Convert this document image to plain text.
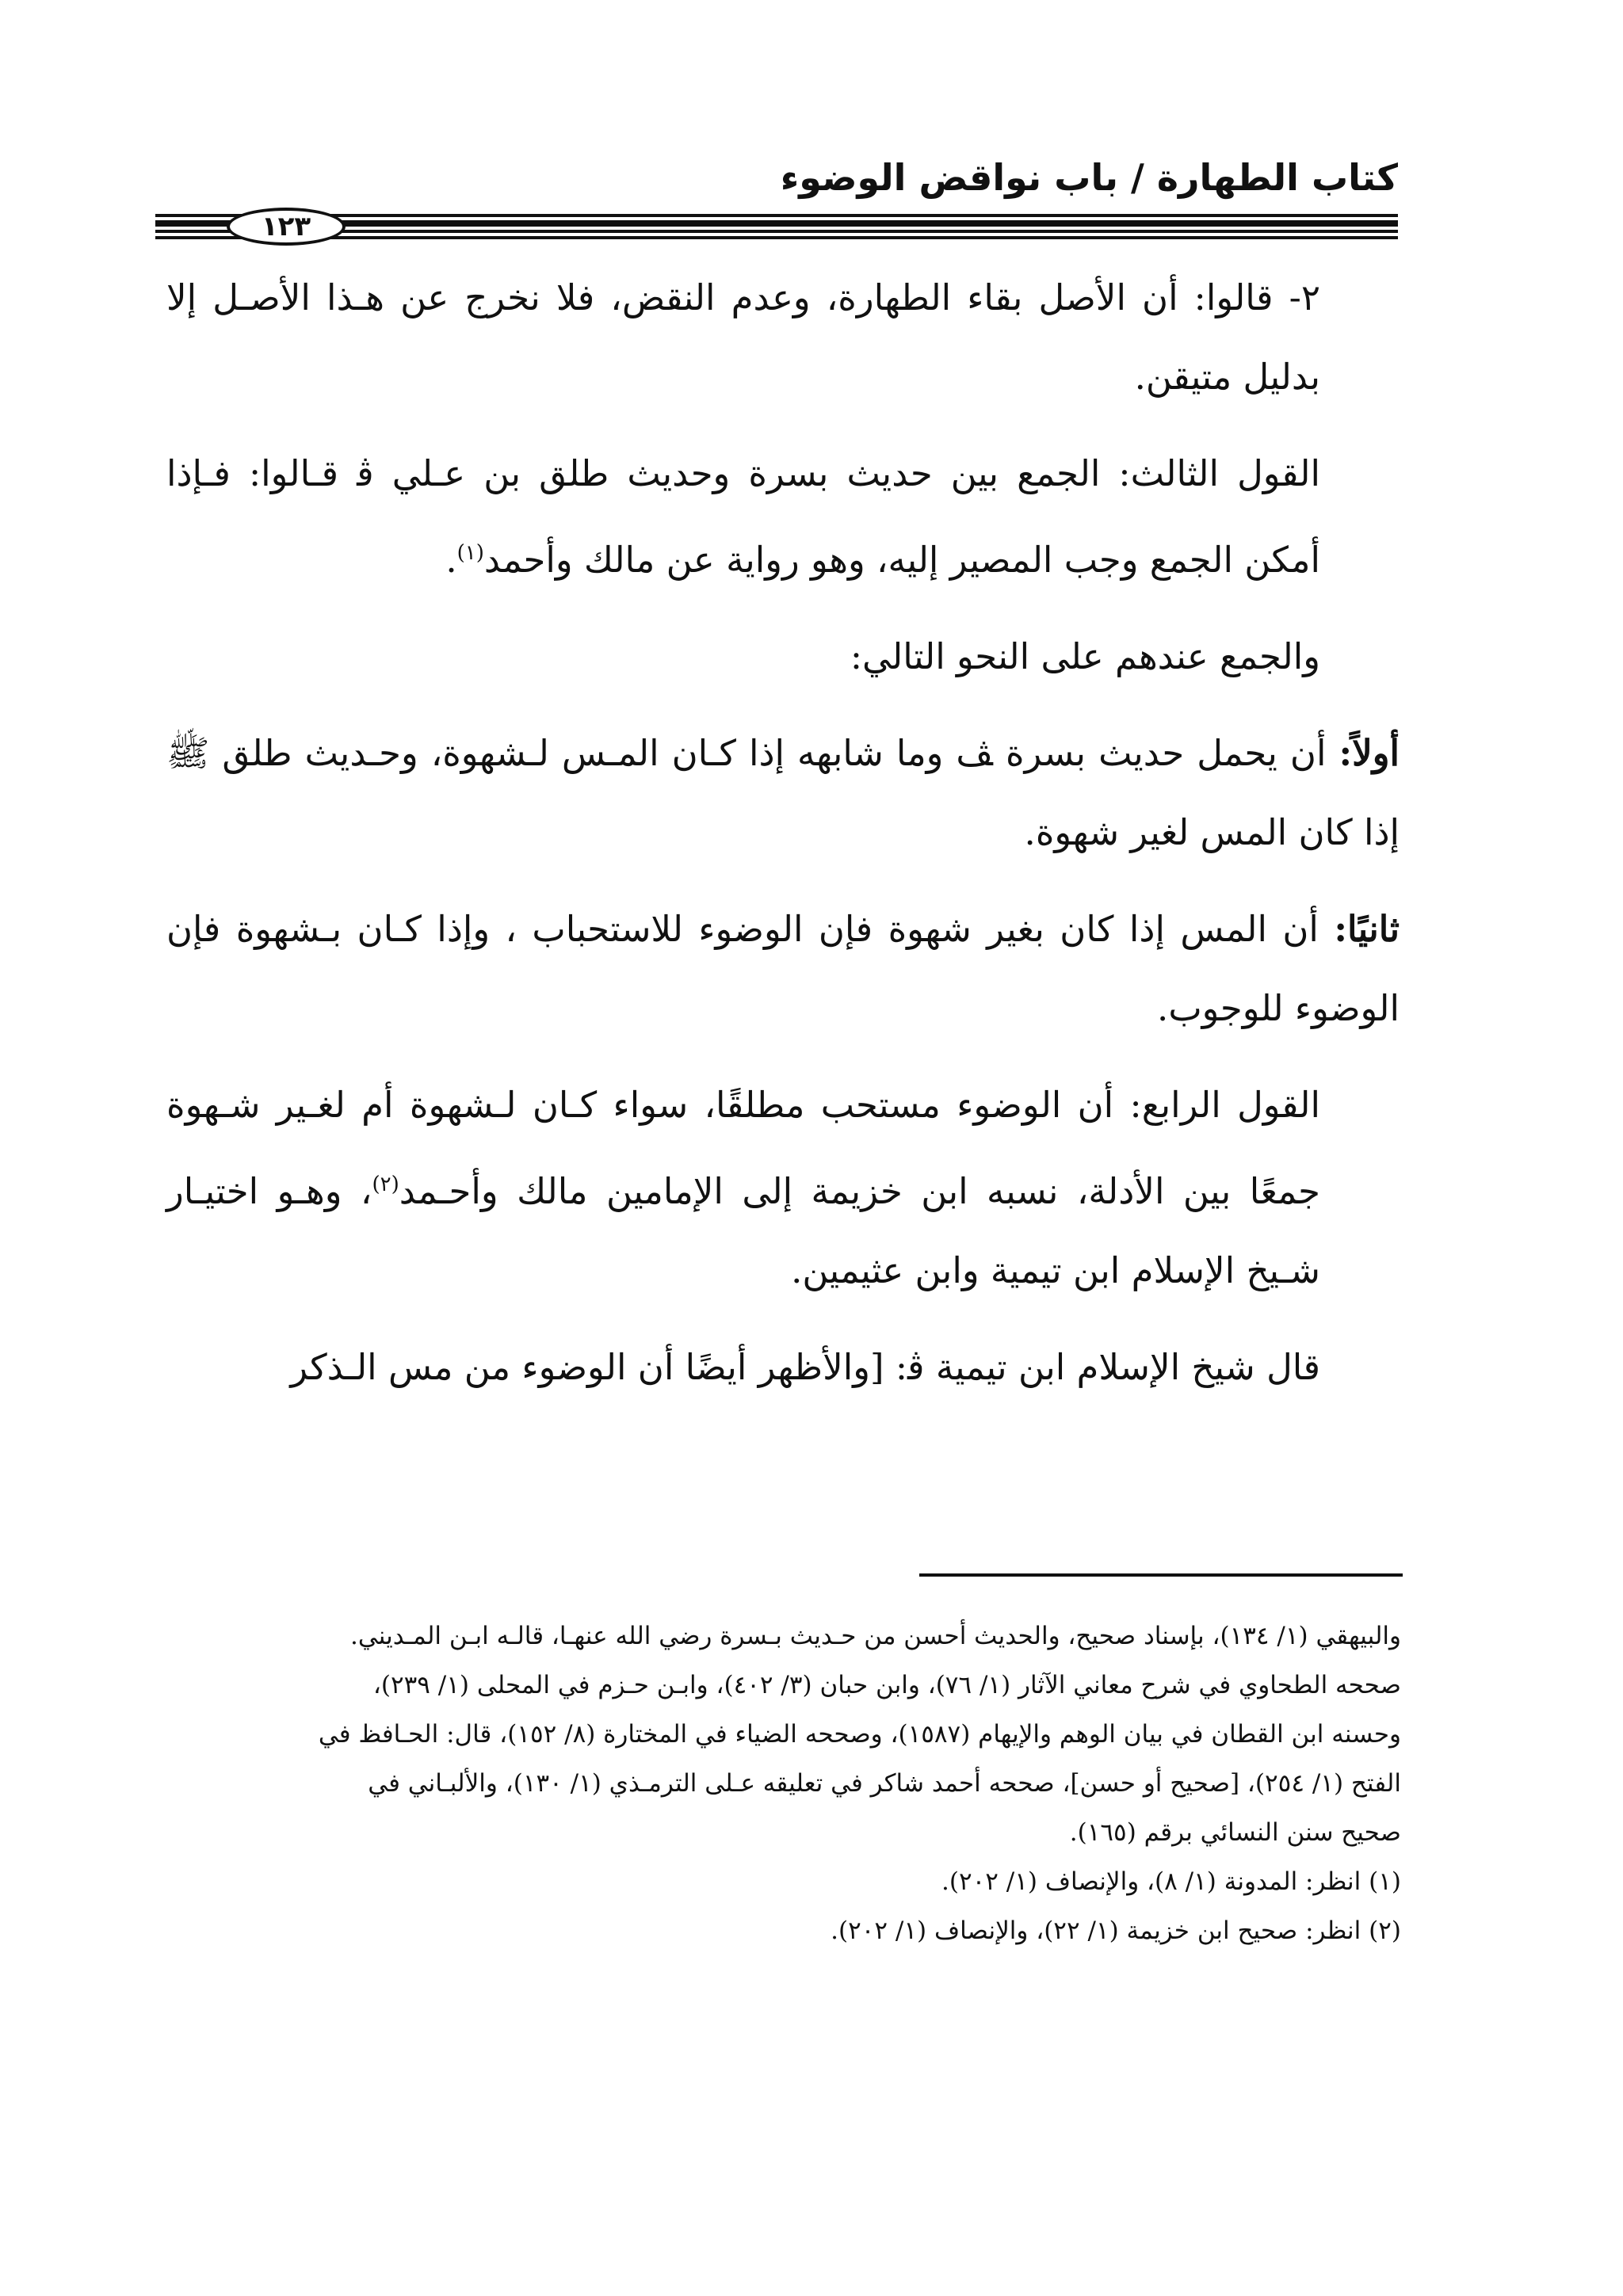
كتاب الطهارة / باب نواقض الوضوء
١٢٣

٢- قالوا: أن الأصل بقاء الطهارة، وعدم النقض، فلا نخرج عن هـذا الأصـل إلا بدليل متيقن.

القول الثالث: الجمع بين حديث بسرة وحديث طلق بن عـلي ﭬ قـالوا: فـإذا أمكن الجمع وجب المصير إليه، وهو رواية عن مالك وأحمد$^{(١)}$.

والجمع عندهم على النحو التالي:

أولاً: أن يحمل حديث بسرة ﭫ وما شابهه إذا كـان المـس لـشهوة، وحـديث طلق ﷺ إذا كان المس لغير شهوة.

ثانيًا: أن المس إذا كان بغير شهوة فإن الوضوء للاستحباب ، وإذا كـان بـشهوة فإن الوضوء للوجوب.

القول الرابع: أن الوضوء مستحب مطلقًا، سواء كـان لـشهوة أم لغـير شـهوة جمعًا بين الأدلة، نسبه ابن خزيمة إلى الإمامين مالك وأحـمد$^{(٢)}$، وهـو اختيـار شـيخ الإسلام ابن تيمية وابن عثيمين.

قال شيخ الإسلام ابن تيمية ﭬ: [والأظهر أيضًا أن الوضوء من مس الـذكر

والبيهقي (١/ ١٣٤)، بإسناد صحيح، والحديث أحسن من حـديث بـسرة رضي الله عنهـا، قالـه ابـن المـديني.
صححه الطحاوي في شرح معاني الآثار (١/ ٧٦)، وابن حبان (٣/ ٤٠٢)، وابـن حـزم في المحلى (١/ ٢٣٩)،
وحسنه ابن القطان في بيان الوهم والإيهام (١٥٨٧)، وصححه الضياء في المختارة (٨/ ١٥٢)، قال: الحـافظ في
الفتح (١/ ٢٥٤)، [صحيح أو حسن]، صححه أحمد شاكر في تعليقه عـلى الترمـذي (١/ ١٣٠)، والألبـاني في
صحيح سنن النسائي برقم (١٦٥).
(١) انظر: المدونة (١/ ٨)، والإنصاف (١/ ٢٠٢).
(٢) انظر: صحيح ابن خزيمة (١/ ٢٢)، والإنصاف (١/ ٢٠٢).
